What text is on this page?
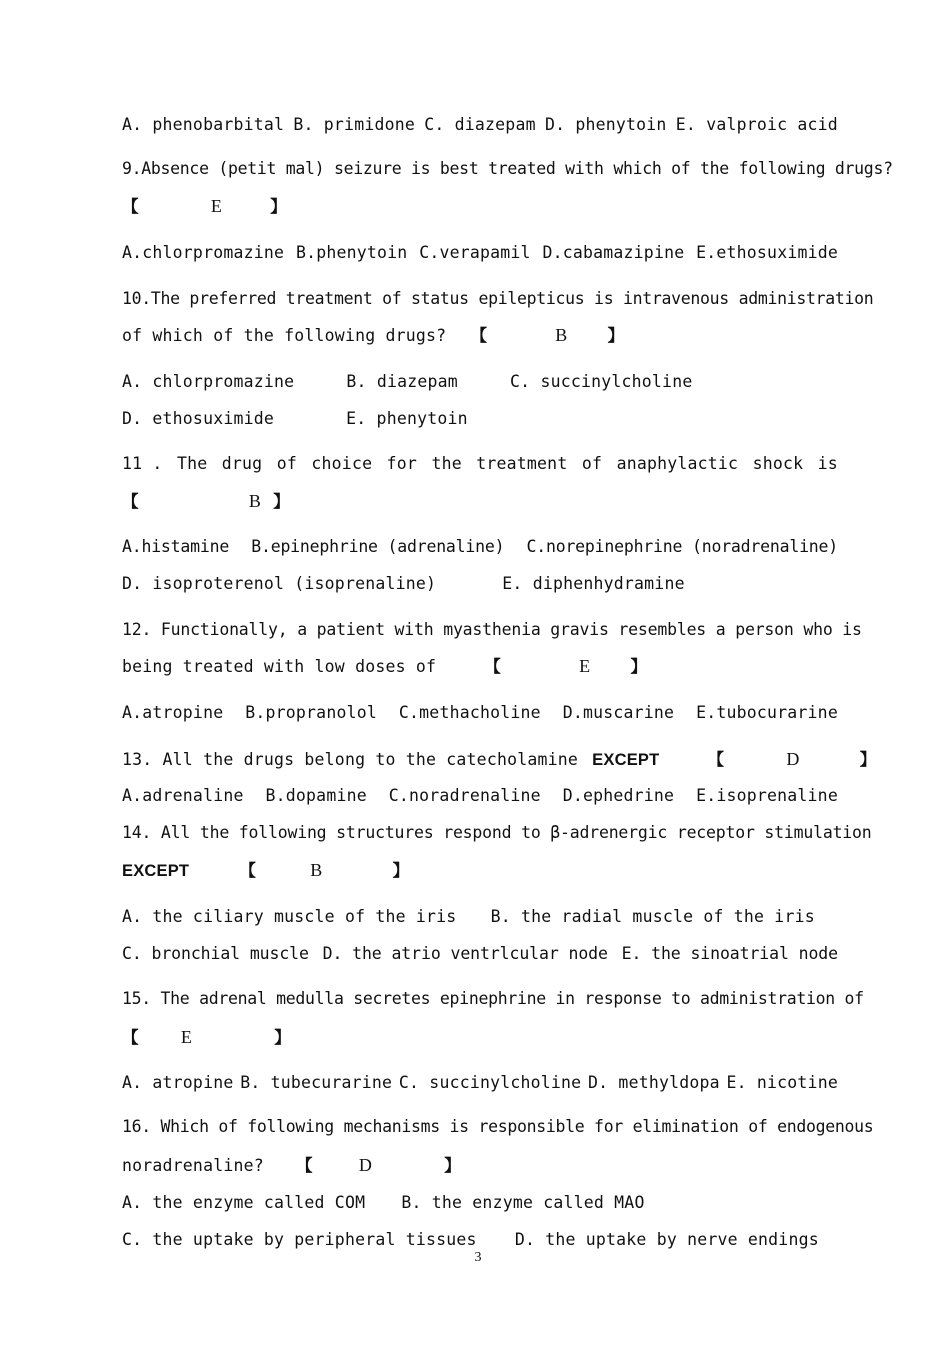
A. phenobarbital B. primidone C. diazepam D. phenytoin E. valproic acid
9.Absence (petit mal) seizure is best treated with which of the following drugs?
【	E	】
A.chlorpromazine B.phenytoin C.verapamil D.cabamazipine E.ethosuximide
10.The preferred treatment of status epilepticus is intravenous administration
of which of the following drugs? 【	B 】
A. chlorpromazine	B. diazepam	C. succinylcholine
D. ethosuximide	E. phenytoin
11 . The drug of choice for the treatment of anaphylactic shock is
【	B 】
A.histamine B.epinephrine (adrenaline) C.norepinephrine (noradrenaline)
D. isoproterenol (isoprenaline)	E. diphenhydramine
12. Functionally, a patient with myasthenia gravis resembles a person who is
being treated with low doses of	【	E 】
A.atropine B.propranolol C.methacholine D.muscarine E.tubocurarine
13. All the drugs belong to the catecholamine EXCEPT	【	D	】
A.adrenaline B.dopamine C.noradrenaline D.ephedrine E.isoprenaline
14. All the following structures respond to β-adrenergic receptor stimulation
EXCEPT	【	B	】
A. the ciliary muscle of the iris B. the radial muscle of the iris
C. bronchial muscle D. the atrio ventrlcular node E. the sinoatrial node
15. The adrenal medulla secretes epinephrine in response to administration of
【 E	】
A. atropine B. tubecurarine C. succinylcholine D. methyldopa E. nicotine
16. Which of following mechanisms is responsible for elimination of endogenous
noradrenaline? 【	D	】
A. the enzyme called COM B. the enzyme called MAO
C. the uptake by peripheral tissues D. the uptake by nerve endings
3
